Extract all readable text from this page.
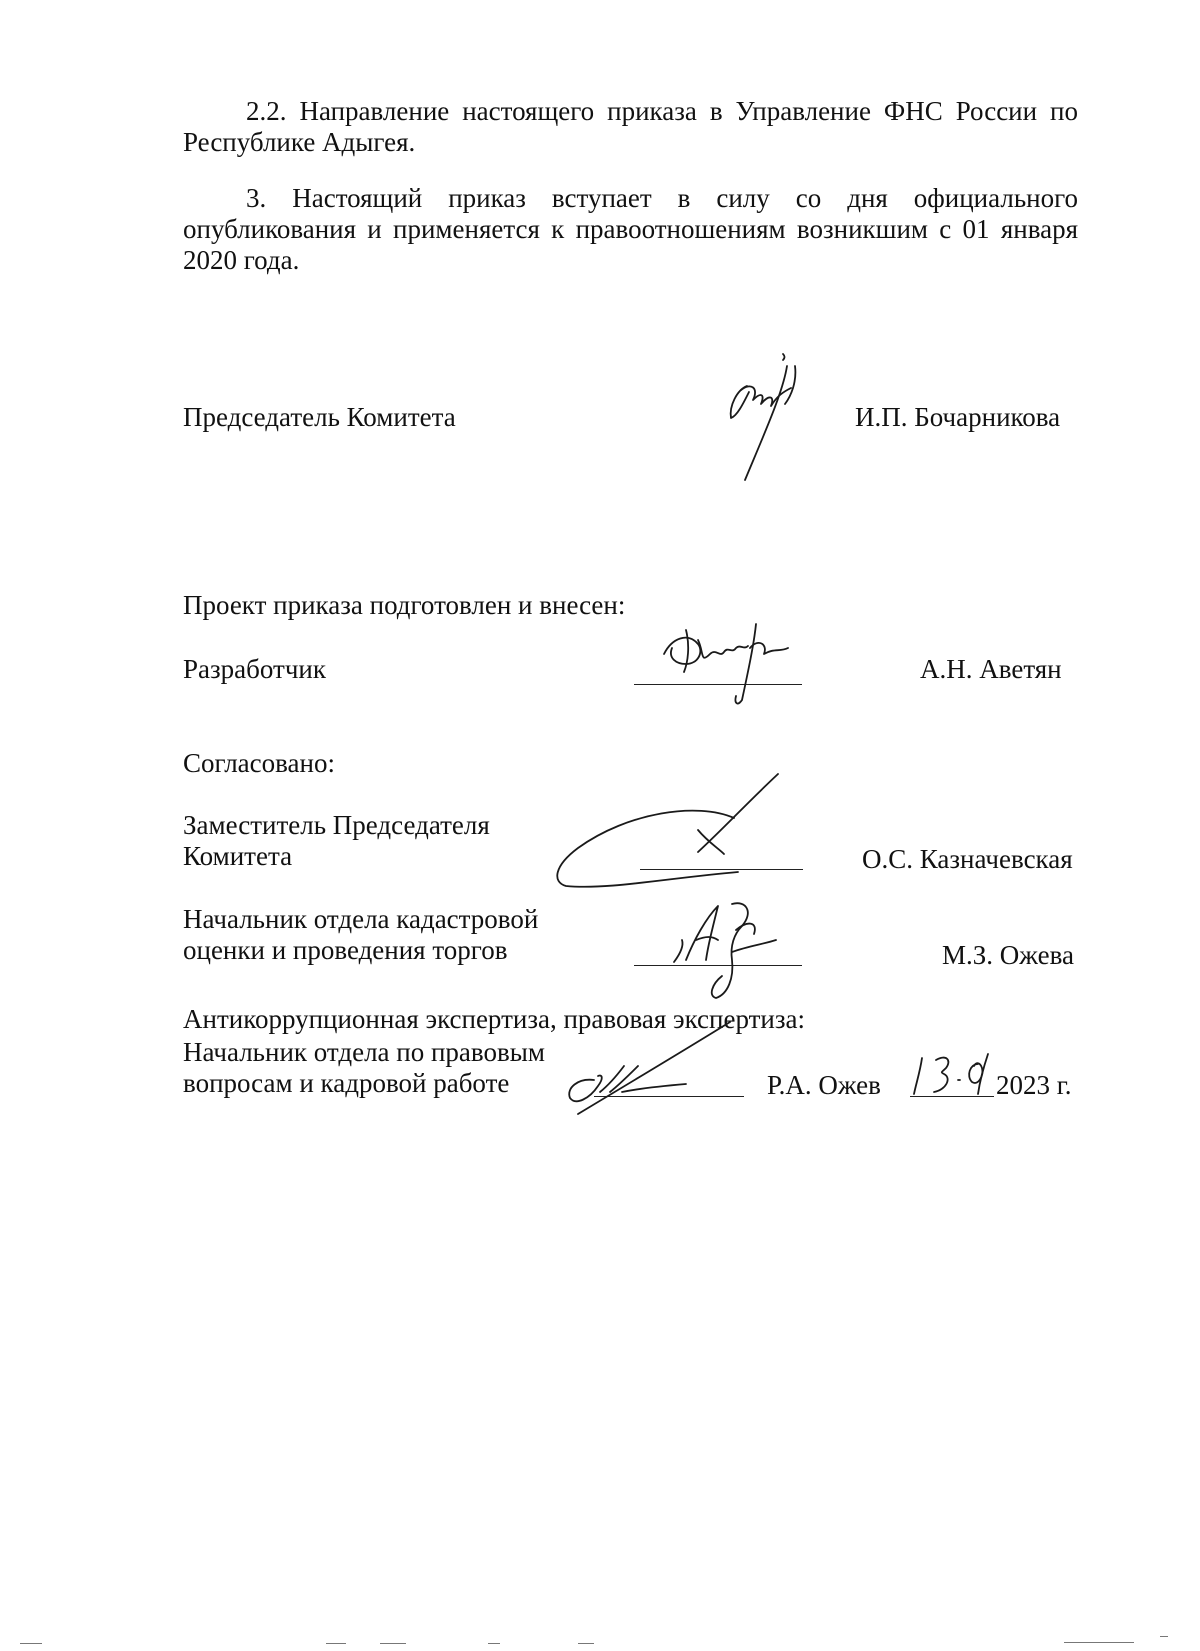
2.2. Направление настоящего приказа в Управление ФНС России по Республике Адыгея.
3. Настоящий приказ вступает в силу со дня официального опубликования и применяется к правоотношениям возникшим с 01 января 2020 года.
Председатель Комитета	И.П. Бочарникова
Проект приказа подготовлен и внесен:
Разработчик	А.Н. Аветян
Согласовано:
Заместитель Председателя
Комитета	О.С. Казначевская
Начальник отдела кадастровой
оценки и проведения торгов	М.З. Ожева
Антикоррупционная экспертиза, правовая экспертиза:
Начальник отдела по правовым
вопросам и кадровой работе	Р.А. Ожев	2023 г.
